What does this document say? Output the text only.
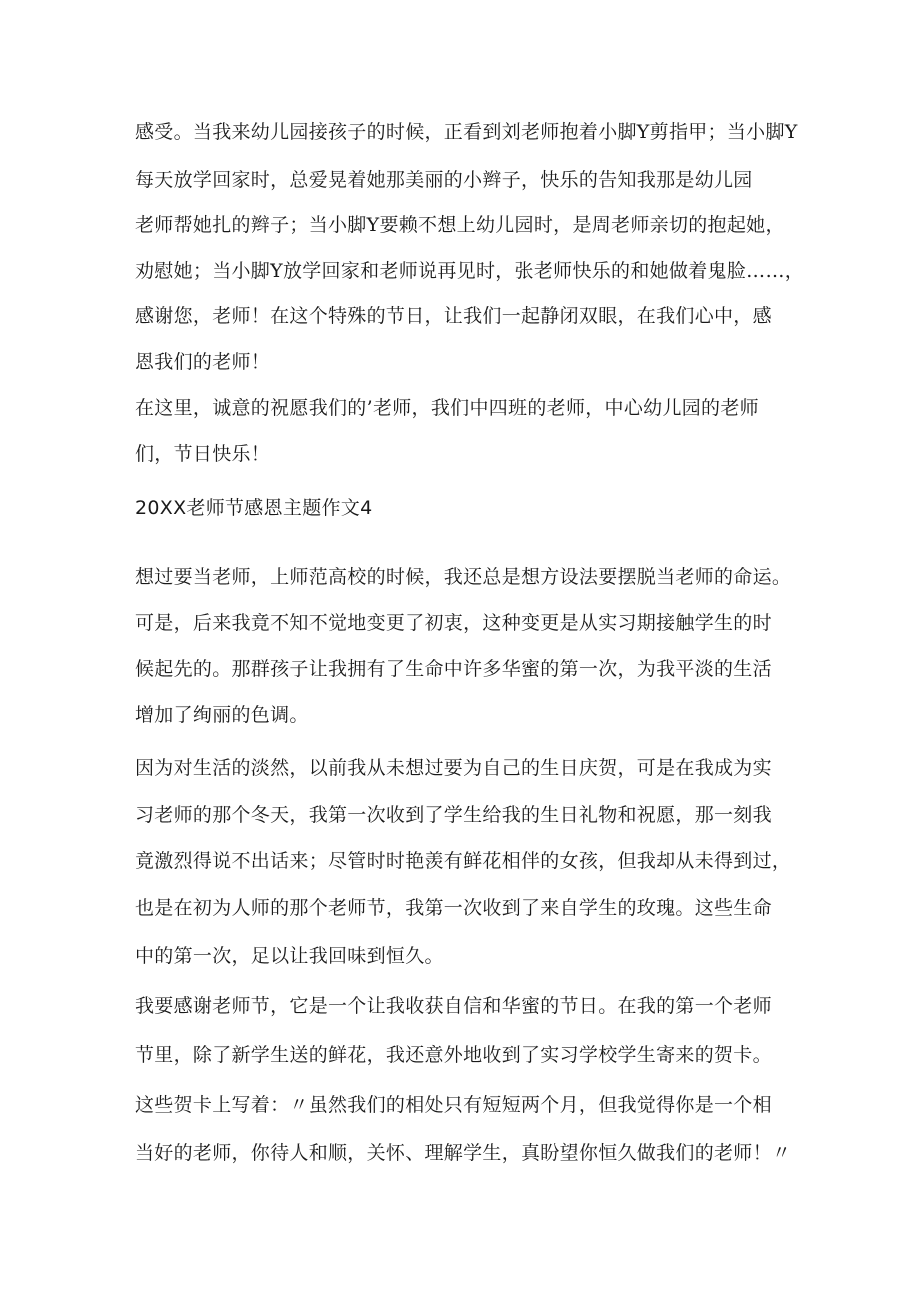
感受。当我来幼儿园接孩子的时候，正看到刘老师抱着小脚Y剪指甲；当小脚Y
每天放学回家时，总爱晃着她那美丽的小辫子，快乐的告知我那是幼儿园
老师帮她扎的辫子；当小脚Y要赖不想上幼儿园时，是周老师亲切的抱起她，
劝慰她；当小脚Y放学回家和老师说再见时，张老师快乐的和她做着鬼脸……，
感谢您，老师！在这个特殊的节日，让我们一起静闭双眼，在我们心中，感
恩我们的老师！
在这里，诚意的祝愿我们的’老师，我们中四班的老师，中心幼儿园的老师
们，节日快乐！
20XX老师节感恩主题作文4
想过要当老师，上师范高校的时候，我还总是想方设法要摆脱当老师的命运。
可是，后来我竟不知不觉地变更了初衷，这种变更是从实习期接触学生的时
候起先的。那群孩子让我拥有了生命中许多华蜜的第一次，为我平淡的生活
增加了绚丽的色调。
因为对生活的淡然，以前我从未想过要为自己的生日庆贺，可是在我成为实
习老师的那个冬天，我第一次收到了学生给我的生日礼物和祝愿，那一刻我
竟激烈得说不出话来；尽管时时艳羡有鲜花相伴的女孩，但我却从未得到过，
也是在初为人师的那个老师节，我第一次收到了来自学生的玫瑰。这些生命
中的第一次，足以让我回味到恒久。
我要感谢老师节，它是一个让我收获自信和华蜜的节日。在我的第一个老师
节里，除了新学生送的鲜花，我还意外地收到了实习学校学生寄来的贺卡。
这些贺卡上写着：〃虽然我们的相处只有短短两个月，但我觉得你是一个相
当好的老师，你待人和顺，关怀、理解学生，真盼望你恒久做我们的老师！〃
